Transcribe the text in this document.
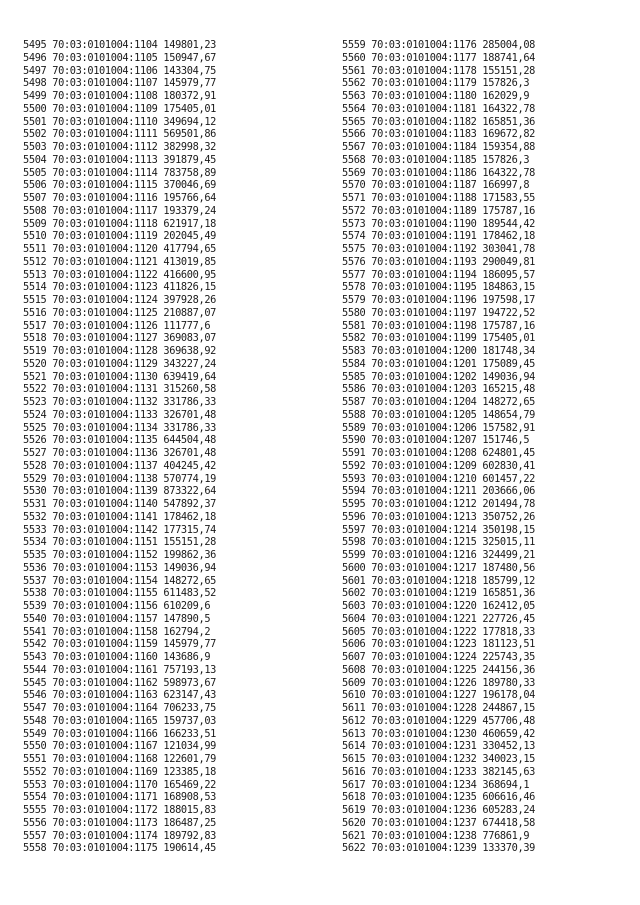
5495 70:03:0101004:1104 149801,23
5496 70:03:0101004:1105 150947,67
5497 70:03:0101004:1106 143304,75
5498 70:03:0101004:1107 145979,77
5499 70:03:0101004:1108 180372,91
5500 70:03:0101004:1109 175405,01
5501 70:03:0101004:1110 349694,12
5502 70:03:0101004:1111 569501,86
5503 70:03:0101004:1112 382998,32
5504 70:03:0101004:1113 391879,45
5505 70:03:0101004:1114 783758,89
5506 70:03:0101004:1115 370046,69
5507 70:03:0101004:1116 195766,64
5508 70:03:0101004:1117 193379,24
5509 70:03:0101004:1118 621917,18
5510 70:03:0101004:1119 202045,49
5511 70:03:0101004:1120 417794,65
5512 70:03:0101004:1121 413019,85
5513 70:03:0101004:1122 416600,95
5514 70:03:0101004:1123 411826,15
5515 70:03:0101004:1124 397928,26
5516 70:03:0101004:1125 210887,07
5517 70:03:0101004:1126 111777,6
5518 70:03:0101004:1127 369083,07
5519 70:03:0101004:1128 369638,92
5520 70:03:0101004:1129 343227,24
5521 70:03:0101004:1130 639419,64
5522 70:03:0101004:1131 315260,58
5523 70:03:0101004:1132 331786,33
5524 70:03:0101004:1133 326701,48
5525 70:03:0101004:1134 331786,33
5526 70:03:0101004:1135 644504,48
5527 70:03:0101004:1136 326701,48
5528 70:03:0101004:1137 404245,42
5529 70:03:0101004:1138 570774,19
5530 70:03:0101004:1139 873322,64
5531 70:03:0101004:1140 547892,37
5532 70:03:0101004:1141 178462,18
5533 70:03:0101004:1142 177315,74
5534 70:03:0101004:1151 155151,28
5535 70:03:0101004:1152 199862,36
5536 70:03:0101004:1153 149036,94
5537 70:03:0101004:1154 148272,65
5538 70:03:0101004:1155 611483,52
5539 70:03:0101004:1156 610209,6
5540 70:03:0101004:1157 147890,5
5541 70:03:0101004:1158 162794,2
5542 70:03:0101004:1159 145979,77
5543 70:03:0101004:1160 143686,9
5544 70:03:0101004:1161 757193,13
5545 70:03:0101004:1162 598973,67
5546 70:03:0101004:1163 623147,43
5547 70:03:0101004:1164 706233,75
5548 70:03:0101004:1165 159737,03
5549 70:03:0101004:1166 166233,51
5550 70:03:0101004:1167 121034,99
5551 70:03:0101004:1168 122601,79
5552 70:03:0101004:1169 123385,18
5553 70:03:0101004:1170 165469,22
5554 70:03:0101004:1171 168908,53
5555 70:03:0101004:1172 188015,83
5556 70:03:0101004:1173 186487,25
5557 70:03:0101004:1174 189792,83
5558 70:03:0101004:1175 190614,45
5559 70:03:0101004:1176 285004,08
5560 70:03:0101004:1177 188741,64
5561 70:03:0101004:1178 155151,28
5562 70:03:0101004:1179 157826,3
5563 70:03:0101004:1180 162029,9
5564 70:03:0101004:1181 164322,78
5565 70:03:0101004:1182 165851,36
5566 70:03:0101004:1183 169672,82
5567 70:03:0101004:1184 159354,88
5568 70:03:0101004:1185 157826,3
5569 70:03:0101004:1186 164322,78
5570 70:03:0101004:1187 166997,8
5571 70:03:0101004:1188 171583,55
5572 70:03:0101004:1189 175787,16
5573 70:03:0101004:1190 189544,42
5574 70:03:0101004:1191 178462,18
5575 70:03:0101004:1192 303041,78
5576 70:03:0101004:1193 290049,81
5577 70:03:0101004:1194 186095,57
5578 70:03:0101004:1195 184863,15
5579 70:03:0101004:1196 197598,17
5580 70:03:0101004:1197 194722,52
5581 70:03:0101004:1198 175787,16
5582 70:03:0101004:1199 175405,01
5583 70:03:0101004:1200 181748,34
5584 70:03:0101004:1201 175089,45
5585 70:03:0101004:1202 149036,94
5586 70:03:0101004:1203 165215,48
5587 70:03:0101004:1204 148272,65
5588 70:03:0101004:1205 148654,79
5589 70:03:0101004:1206 157582,91
5590 70:03:0101004:1207 151746,5
5591 70:03:0101004:1208 624801,45
5592 70:03:0101004:1209 602830,41
5593 70:03:0101004:1210 601457,22
5594 70:03:0101004:1211 203666,06
5595 70:03:0101004:1212 201494,78
5596 70:03:0101004:1213 350752,26
5597 70:03:0101004:1214 350198,15
5598 70:03:0101004:1215 325015,11
5599 70:03:0101004:1216 324499,21
5600 70:03:0101004:1217 187480,56
5601 70:03:0101004:1218 185799,12
5602 70:03:0101004:1219 165851,36
5603 70:03:0101004:1220 162412,05
5604 70:03:0101004:1221 227726,45
5605 70:03:0101004:1222 177818,33
5606 70:03:0101004:1223 181123,51
5607 70:03:0101004:1224 225743,35
5608 70:03:0101004:1225 244156,36
5609 70:03:0101004:1226 189780,33
5610 70:03:0101004:1227 196178,04
5611 70:03:0101004:1228 244867,15
5612 70:03:0101004:1229 457706,48
5613 70:03:0101004:1230 460659,42
5614 70:03:0101004:1231 330452,13
5615 70:03:0101004:1232 340023,15
5616 70:03:0101004:1233 382145,63
5617 70:03:0101004:1234 368694,1
5618 70:03:0101004:1235 606616,46
5619 70:03:0101004:1236 605283,24
5620 70:03:0101004:1237 674418,58
5621 70:03:0101004:1238 776861,9
5622 70:03:0101004:1239 133370,39
